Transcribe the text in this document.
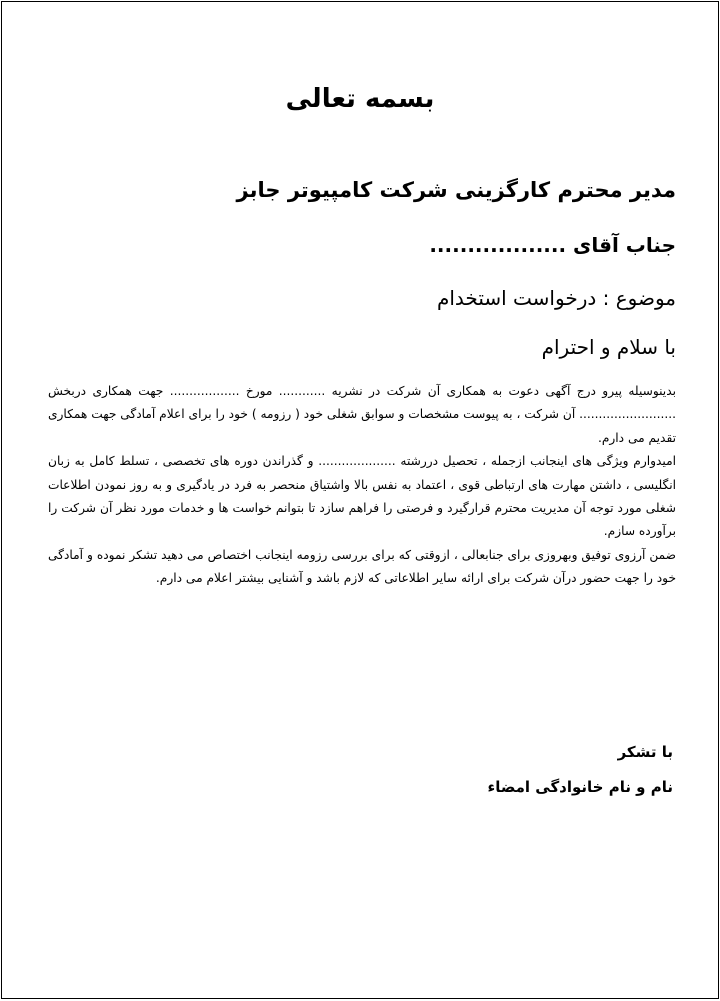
بسمه تعالی
مدیر محترم کارگزینی شرکت کامپیوتر جابز
جناب آقای ..................
موضوع : درخواست استخدام
با سلام و احترام

بدینوسیله پیرو درج آگهی دعوت به همکاری آن شرکت در نشریه ............ مورخ .................. جهت همکاری دربخش ......................... آن شرکت ، به پیوست مشخصات و سوابق شغلی خود ( رزومه ) خود را برای اعلام آمادگی جهت همکاری تقدیم می دارم.

امیدوارم ویژگی های اینجانب ازجمله ، تحصیل دررشته .................... و گذراندن دوره های تخصصی ، تسلط کامل به زبان انگلیسی ، داشتن مهارت های ارتباطی قوی ، اعتماد به نفس بالا واشتیاق منحصر به فرد در یادگیری و به روز نمودن اطلاعات شغلی مورد توجه آن مدیریت محترم قرارگیرد و فرصتی را فراهم سازد تا بتوانم خواست ها و خدمات مورد نظر آن شرکت را برآورده سازم.

ضمن آرزوی توفیق وبهروزی برای جنابعالی ، ازوقتی که برای بررسی رزومه اینجانب اختصاص می دهید تشکر نموده و آمادگی خود را جهت حضور درآن شرکت برای ارائه سایر اطلاعاتی که لازم باشد و آشنایی بیشتر اعلام می دارم.

با تشکر
نام و نام خانوادگی امضاء
